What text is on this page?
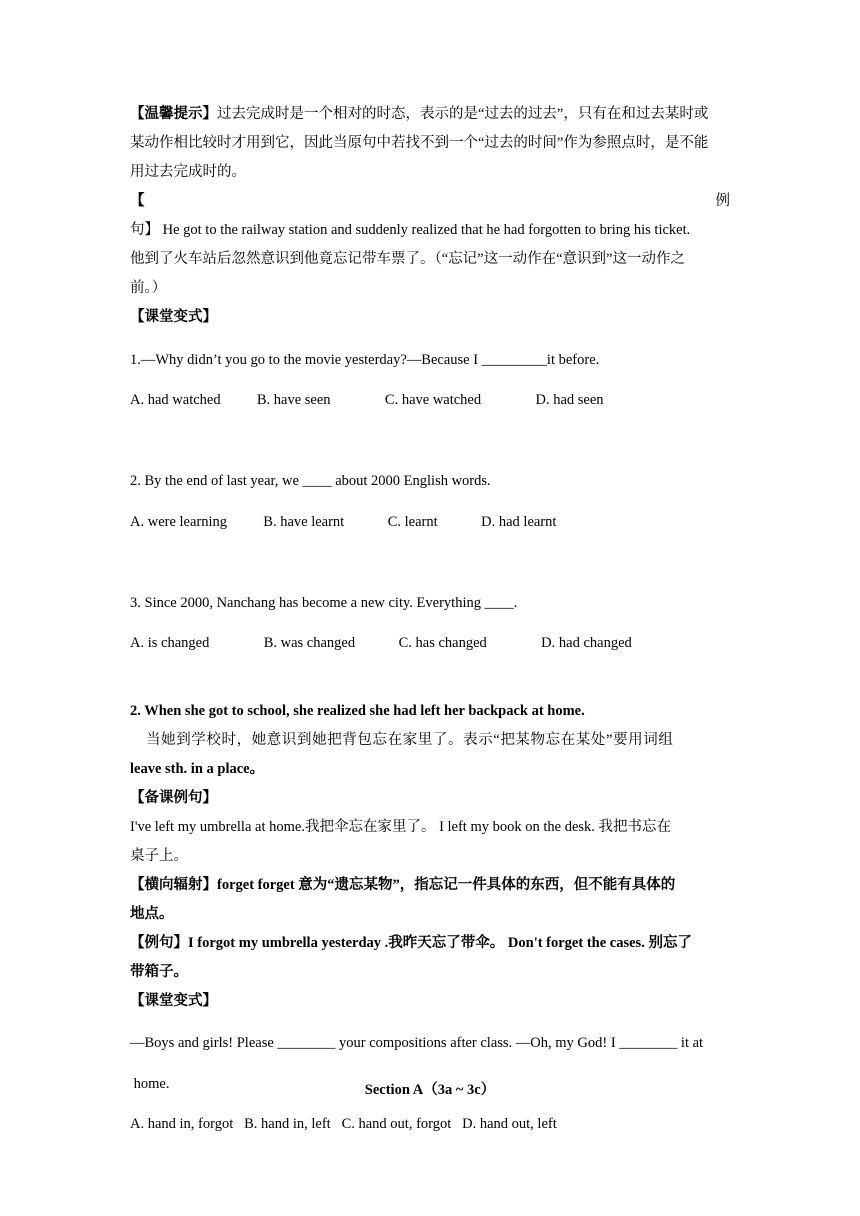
【温馨提示】过去完成时是一个相对的时态，表示的是“过去的过去”，只有在和过去某时或

某动作相比较时才用到它，因此当原句中若找不到一个“过去的时间”作为参照点时，是不能

用过去完成时的。

【	例

句】 He got to the railway station and suddenly realized that he had forgotten to bring his ticket.

他到了火车站后忽然意识到他竟忘记带车票了。（“忘记”这一动作在“意识到”这一动作之

前。）

【课堂变式】

1.—Why didn’t you go to the movie yesterday?—Because I _________it before.

A. had watched          B. have seen               C. have watched               D. had seen

2. By the end of last year, we ____ about 2000 English words.

A. were learning          B. have learnt            C. learnt            D. had learnt

3. Since 2000, Nanchang has become a new city. Everything ____.

A. is changed               B. was changed            C. has changed               D. had changed

2. When she got to school, she realized she had left her backpack at home.

当她到学校时，她意识到她把背包忘在家里了。表示“把某物忘在某处”要用词组

leave sth. in a place。

【备课例句】

I've left my umbrella at home.我把伞忘在家里了。 I left my book on the desk. 我把书忘在

桌子上。

【横向辐射】forget forget 意为“遗忘某物”，指忘记一件具体的东西，但不能有具体的

地点。

【例句】I forgot my umbrella yesterday .我昨天忘了带伞。 Don't forget the cases. 别忘了

带箱子。

【课堂变式】

—Boys and girls! Please ________ your compositions after class. —Oh, my God! I ________ it at

home.

A. hand in, forgot   B. hand in, left   C. hand out, forgot   D. hand out, left

Section A（3a ~ 3c）
